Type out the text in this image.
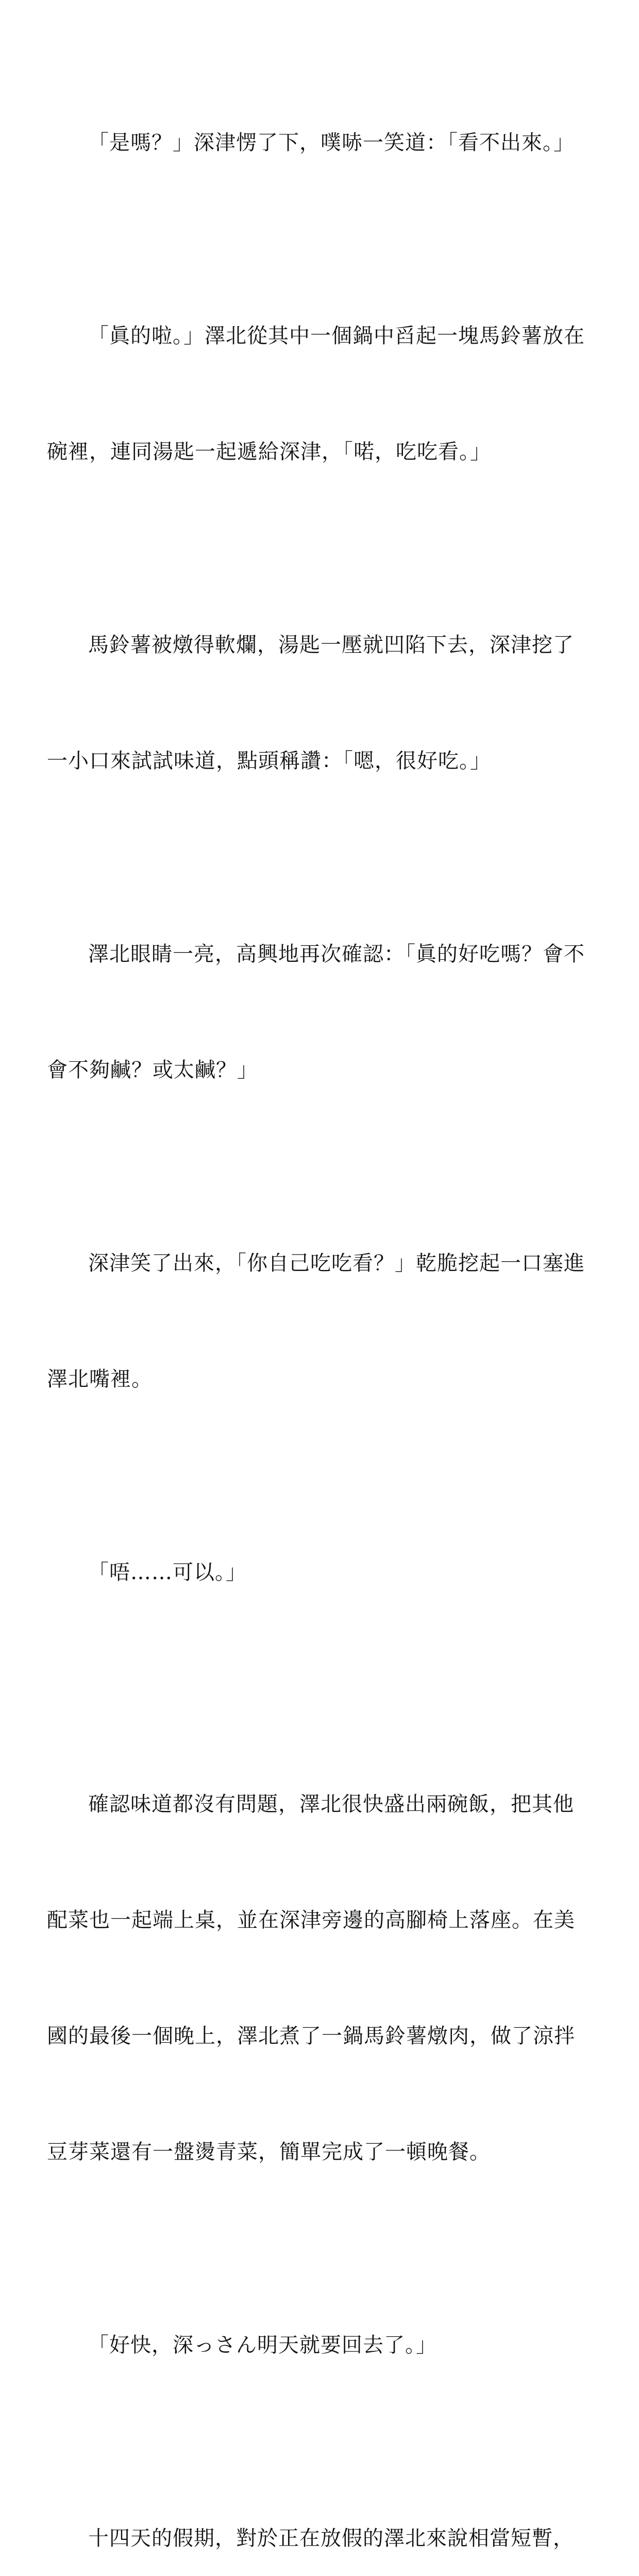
「是嗎？」深津愣了下，噗哧一笑道：「看不出來。」

「眞的啦。」澤北從其中一個鍋中舀起一塊馬鈴薯放在

碗裡，連同湯匙一起遞給深津，「喏，吃吃看。」

馬鈴薯被燉得軟爛，湯匙一壓就凹陷下去，深津挖了

一小口來試試味道，點頭稱讚：「嗯，很好吃。」

澤北眼睛一亮，高興地再次確認：「眞的好吃嗎？會不

會不夠鹹？或太鹹？」

深津笑了出來，「你自己吃吃看？」乾脆挖起一口塞進

澤北嘴裡。

「唔……可以。」

確認味道都沒有問題，澤北很快盛出兩碗飯，把其他

配菜也一起端上桌，並在深津旁邊的高腳椅上落座。在美

國的最後一個晚上，澤北煮了一鍋馬鈴薯燉肉，做了涼拌

豆芽菜還有一盤燙青菜，簡單完成了一頓晚餐。

「好快，深っさん明天就要回去了。」

十四天的假期，對於正在放假的澤北來說相當短暫，
